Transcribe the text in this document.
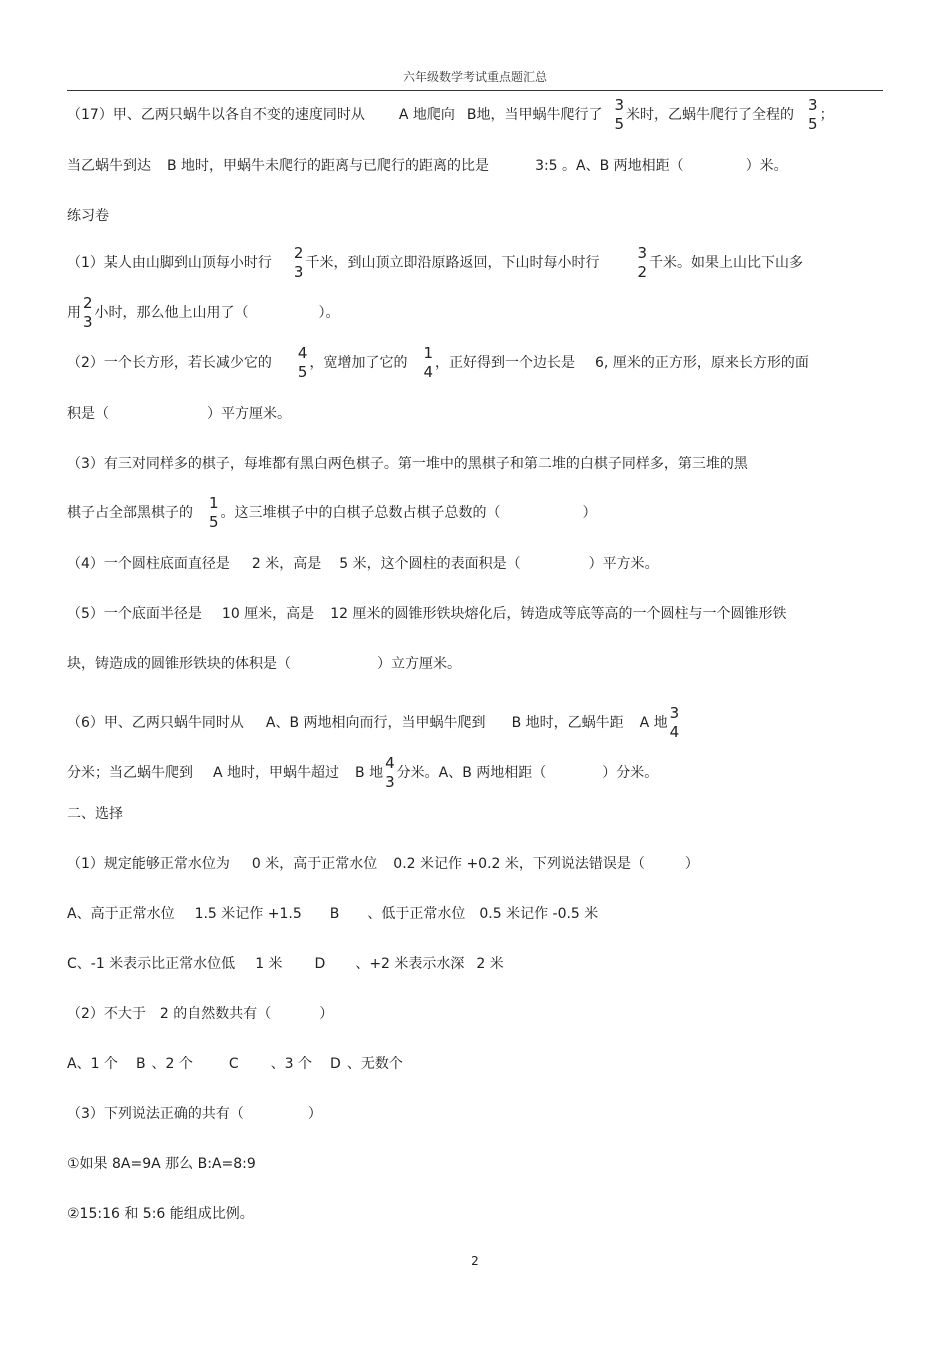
六年级数学考试重点题汇总
（17）甲、乙两只蜗牛以各自不变的速度同时从 A 地爬向 B地，当甲蜗牛爬行了
3
5 米时，乙蜗牛爬行了全程的
3
5 ；
当乙蜗牛到达 B 地时，甲蜗牛未爬行的距离与已爬行的距离的比是	3:5 。A、B 两地相距（	）米。
练习卷
（1）某人由山脚到山顶每小时行
2
3 千米，到山顶立即沿原路返回，下山时每小时行
3
2 千米。如果上山比下山多
用
2
3 小时，那么他上山用了（	）。
（2）一个长方形，若长减少它的
4
5 ，宽增加了它的
1
4 ，正好得到一个边长是 6, 厘米的正方形，原来长方形的面
积是（	）平方厘米。
（3）有三对同样多的棋子，每堆都有黑白两色棋子。第一堆中的黑棋子和第二堆的白棋子同样多，第三堆的黑
棋子占全部黑棋子的
1
5 。这三堆棋子中的白棋子总数占棋子总数的（	）
（4）一个圆柱底面直径是 2 米，高是 5 米，这个圆柱的表面积是（	）平方米。
（5）一个底面半径是 10 厘米，高是 12 厘米的圆锥形铁块熔化后，铸造成等底等高的一个圆柱与一个圆锥形铁
块，铸造成的圆锥形铁块的体积是（	）立方厘米。
（6）甲、乙两只蜗牛同时从 A、B 两地相向而行，当甲蜗牛爬到 B 地时，乙蜗牛距 A 地
3
4
分米；当乙蜗牛爬到 A 地时，甲蜗牛超过 B 地
4
3 分米。A、B 两地相距（	）分米。
二、选择
（1）规定能够正常水位为 0 米，高于正常水位 0.2 米记作 +0.2 米，下列说法错误是（	）
A、高于正常水位 1.5 米记作 +1.5 B 、低于正常水位 0.5 米记作 -0.5 米
C、-1 米表示比正常水位低 1 米 D 、+2 米表示水深 2 米
（2）不大于 2 的自然数共有（	）
A、1 个 B 、2 个	C 、3 个 D 、无数个
（3）下列说法正确的共有（	）
①如果 8A=9A 那么 B:A=8:9
②15:16 和 5:6 能组成比例。
2
